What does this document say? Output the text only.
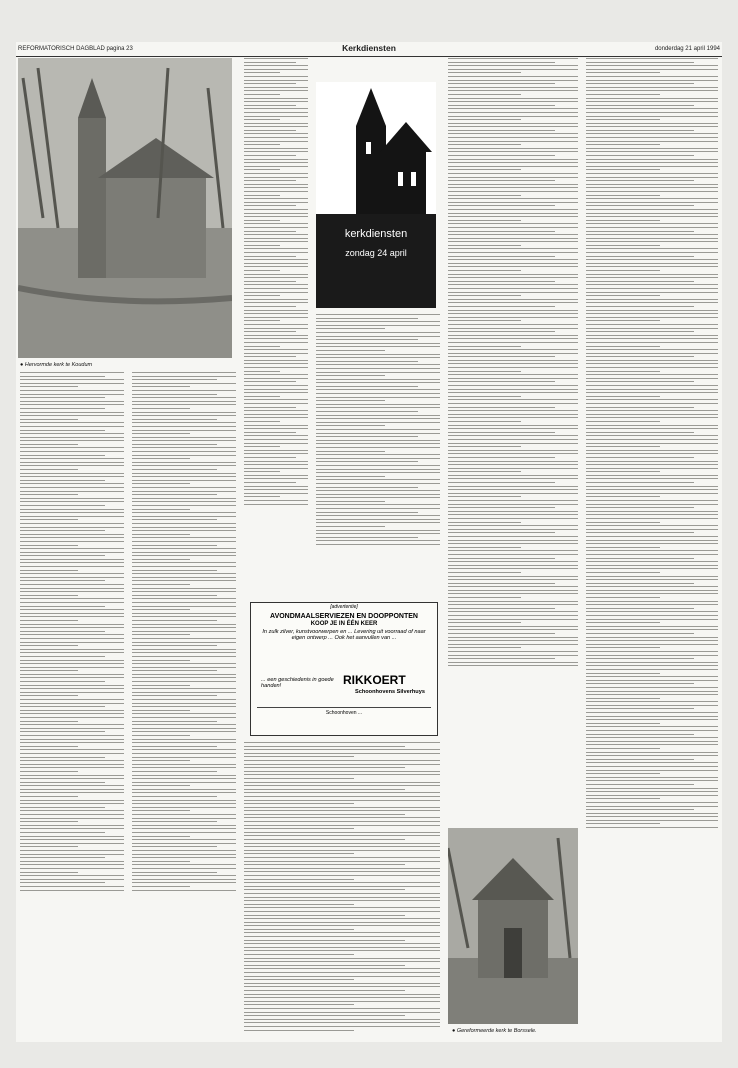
REFORMATORISCH DAGBLAD pagina 23	Kerkdiensten	donderdag 21 april 1994
● Hervormde kerk te Koudum
kerkdiensten
zondag 24 april
[advertentie]
AVONDMAALSERVIEZEN EN DOOPPONTEN
KOOP JE IN ÉÉN KEER
In zulk zilver, kunstvoorwerpen en ... Levering uit voorraad of naar eigen ontwerp ... Ook het aanvullen van ...
... een geschiedenis in goede handen!	RIKKOERT
Schoonhovens Silverhuys
Schoonhoven ...
● Gereformeerde kerk te Borssele.
